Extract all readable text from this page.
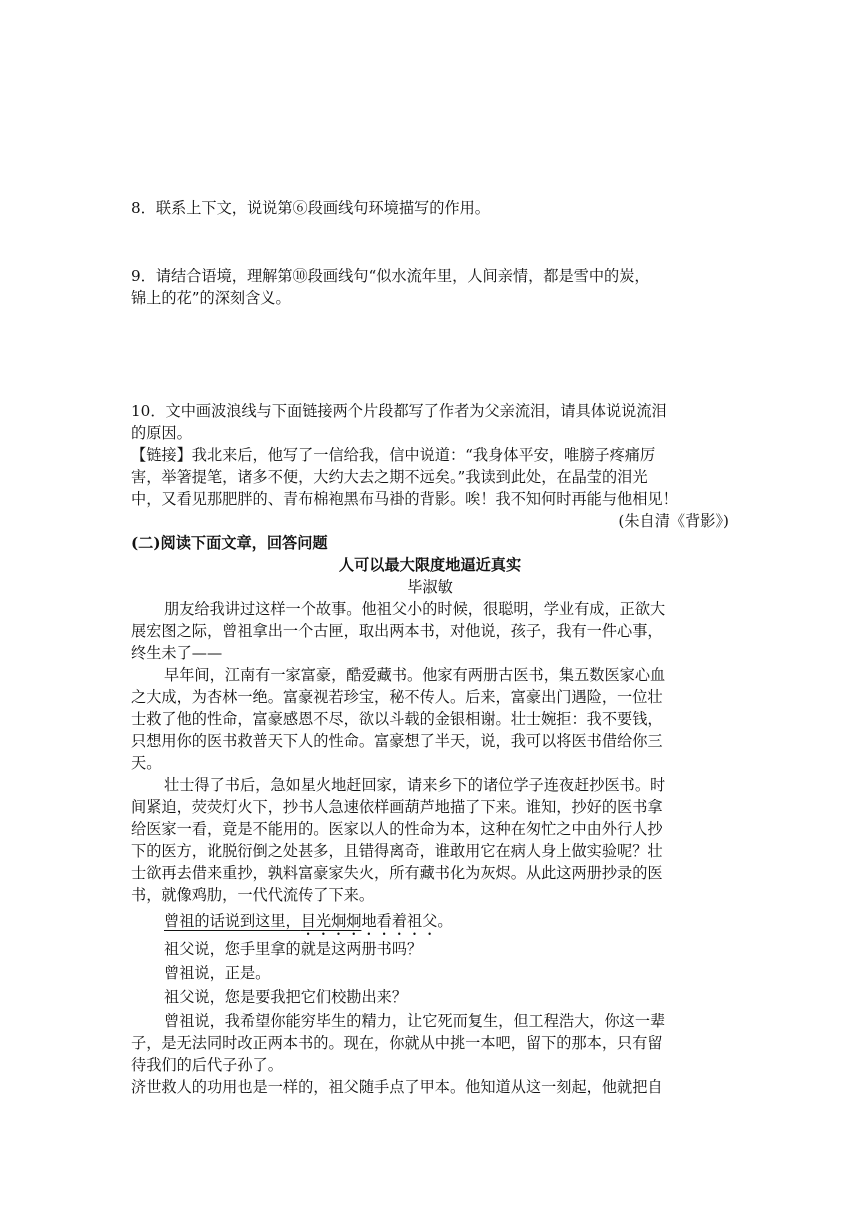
8．联系上下文，说说第⑥段画线句环境描写的作用。
9．请结合语境，理解第⑩段画线句“似水流年里，人间亲情，都是雪中的炭，
锦上的花”的深刻含义。
10．文中画波浪线与下面链接两个片段都写了作者为父亲流泪，请具体说说流泪
的原因。
【链接】我北来后，他写了一信给我，信中说道：“我身体平安，唯膀子疼痛厉
害，举箸提笔，诸多不便，大约大去之期不远矣。”我读到此处，在晶莹的泪光
中，又看见那肥胖的、青布棉袍黑布马褂的背影。唉！我不知何时再能与他相见！
(朱自清《背影》)
(二)阅读下面文章，回答问题
人可以最大限度地逼近真实
毕淑敏
朋友给我讲过这样一个故事。他祖父小的时候，很聪明，学业有成，正欲大
展宏图之际，曾祖拿出一个古匣，取出两本书，对他说，孩子，我有一件心事，
终生未了——
早年间，江南有一家富豪，酷爱藏书。他家有两册古医书，集五数医家心血
之大成，为杏林一绝。富豪视若珍宝，秘不传人。后来，富豪出门遇险，一位壮
士救了他的性命，富豪感恩不尽，欲以斗载的金银相谢。壮士婉拒：我不要钱，
只想用你的医书救普天下人的性命。富豪想了半天，说，我可以将医书借给你三
天。
壮士得了书后，急如星火地赶回家，请来乡下的诸位学子连夜赶抄医书。时
间紧迫，荧荧灯火下，抄书人急速依样画葫芦地描了下来。谁知，抄好的医书拿
给医家一看，竟是不能用的。医家以人的性命为本，这种在匆忙之中由外行人抄
下的医方，讹脱衍倒之处甚多，且错得离奇，谁敢用它在病人身上做实验呢？壮
士欲再去借来重抄，孰料富豪家失火，所有藏书化为灰烬。从此这两册抄录的医
书，就像鸡肋，一代代流传了下来。
曾祖的话说到这里，目光炯炯地看着祖父。
祖父说，您手里拿的就是这两册书吗？
曾祖说，正是。
祖父说，您是要我把它们校勘出来？
曾祖说，我希望你能穷毕生的精力，让它死而复生，但工程浩大，你这一辈
子，是无法同时改正两本书的。现在，你就从中挑一本吧，留下的那本，只有留
待我们的后代子孙了。
济世救人的功用也是一样的，祖父随手点了甲本。他知道从这一刻起，他就把自
